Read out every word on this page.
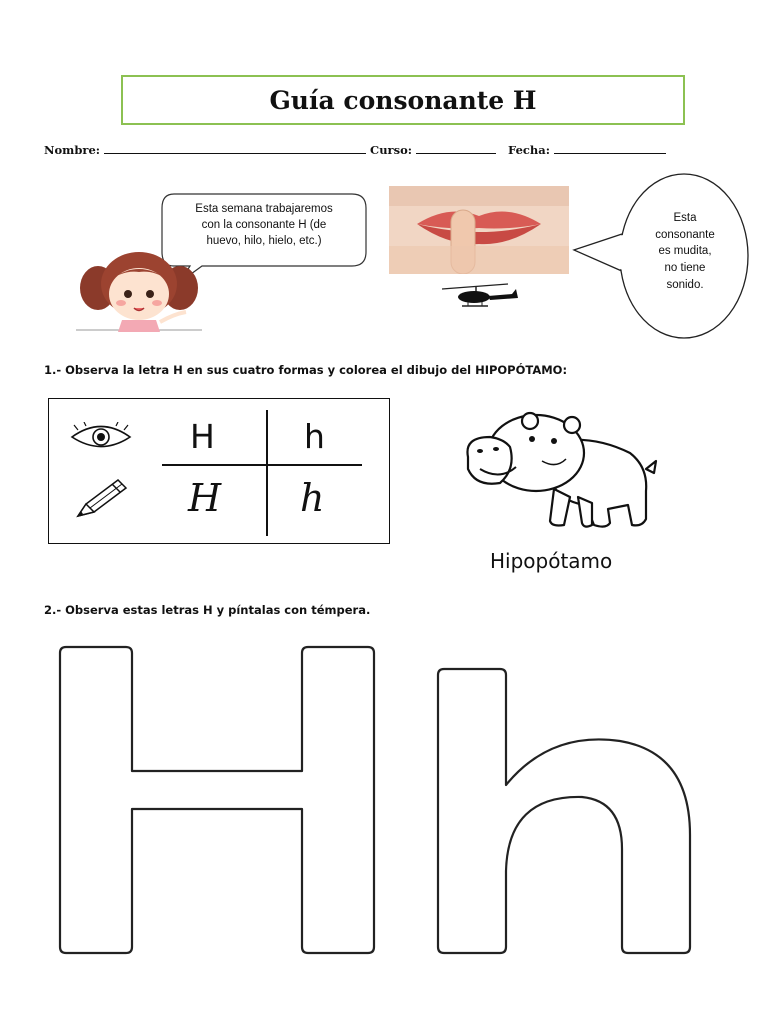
Guía consonante H
Nombre:	Curso:	Fecha:
Esta semana trabajaremos
con la consonante H (de
huevo, hilo, hielo, etc.)
Esta
consonante
es mudita,
no tiene
sonido.
1.- Observa la letra H en sus cuatro formas y colorea el dibujo del HIPOPÓTAMO:
H	h
H h
Hipopótamo
2.- Observa estas letras H y píntalas con témpera.
